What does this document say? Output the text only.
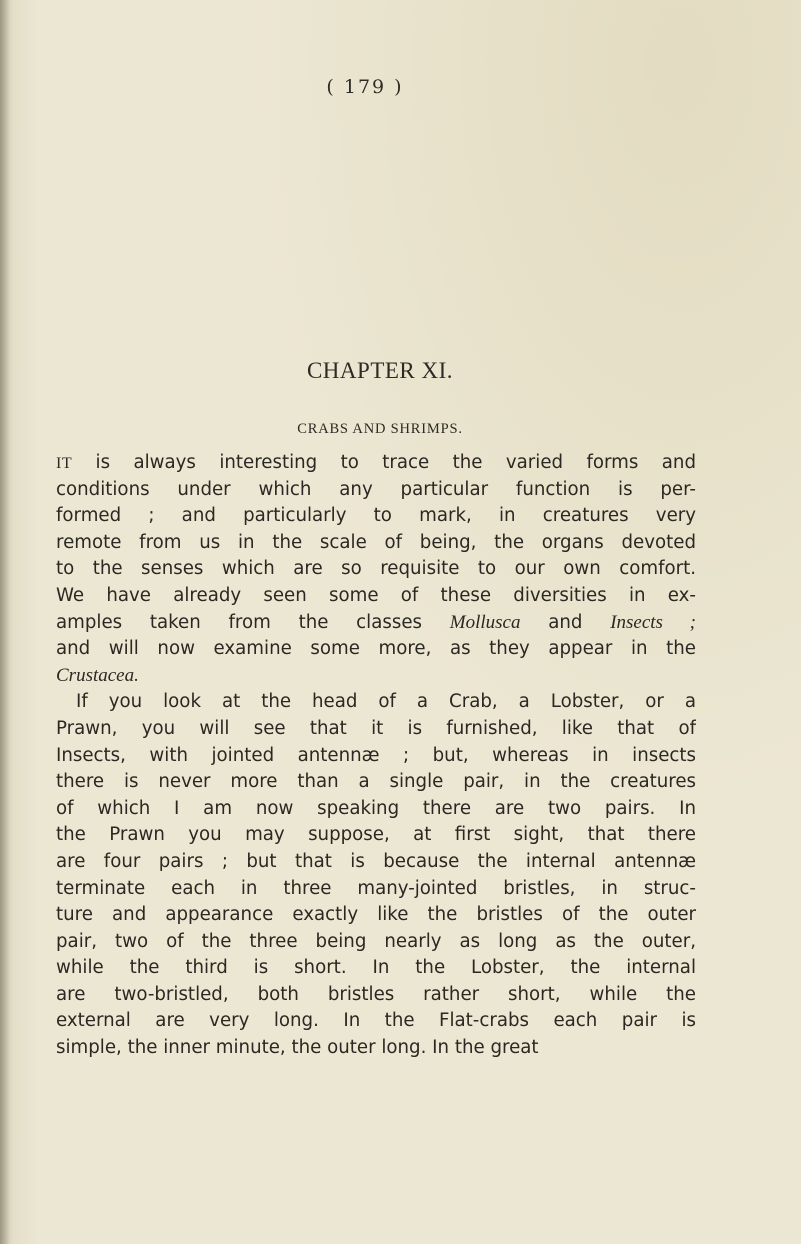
( 179 )
CHAPTER XI.
CRABS AND SHRIMPS.
IT is always interesting to trace the varied forms and
conditions under which any particular function is per-
formed ; and particularly to mark, in creatures very
remote from us in the scale of being, the organs devoted
to the senses which are so requisite to our own comfort.
We have already seen some of these diversities in ex-
amples taken from the classes Mollusca and Insects ;
and will now examine some more, as they appear in the
Crustacea.
If you look at the head of a Crab, a Lobster, or a
Prawn, you will see that it is furnished, like that of
Insects, with jointed antennæ ; but, whereas in insects
there is never more than a single pair, in the creatures
of which I am now speaking there are two pairs. In
the Prawn you may suppose, at first sight, that there
are four pairs ; but that is because the internal antennæ
terminate each in three many-jointed bristles, in struc-
ture and appearance exactly like the bristles of the outer
pair, two of the three being nearly as long as the outer,
while the third is short. In the Lobster, the internal
are two-bristled, both bristles rather short, while the
external are very long. In the Flat-crabs each pair is
simple, the inner minute, the outer long. In the great
